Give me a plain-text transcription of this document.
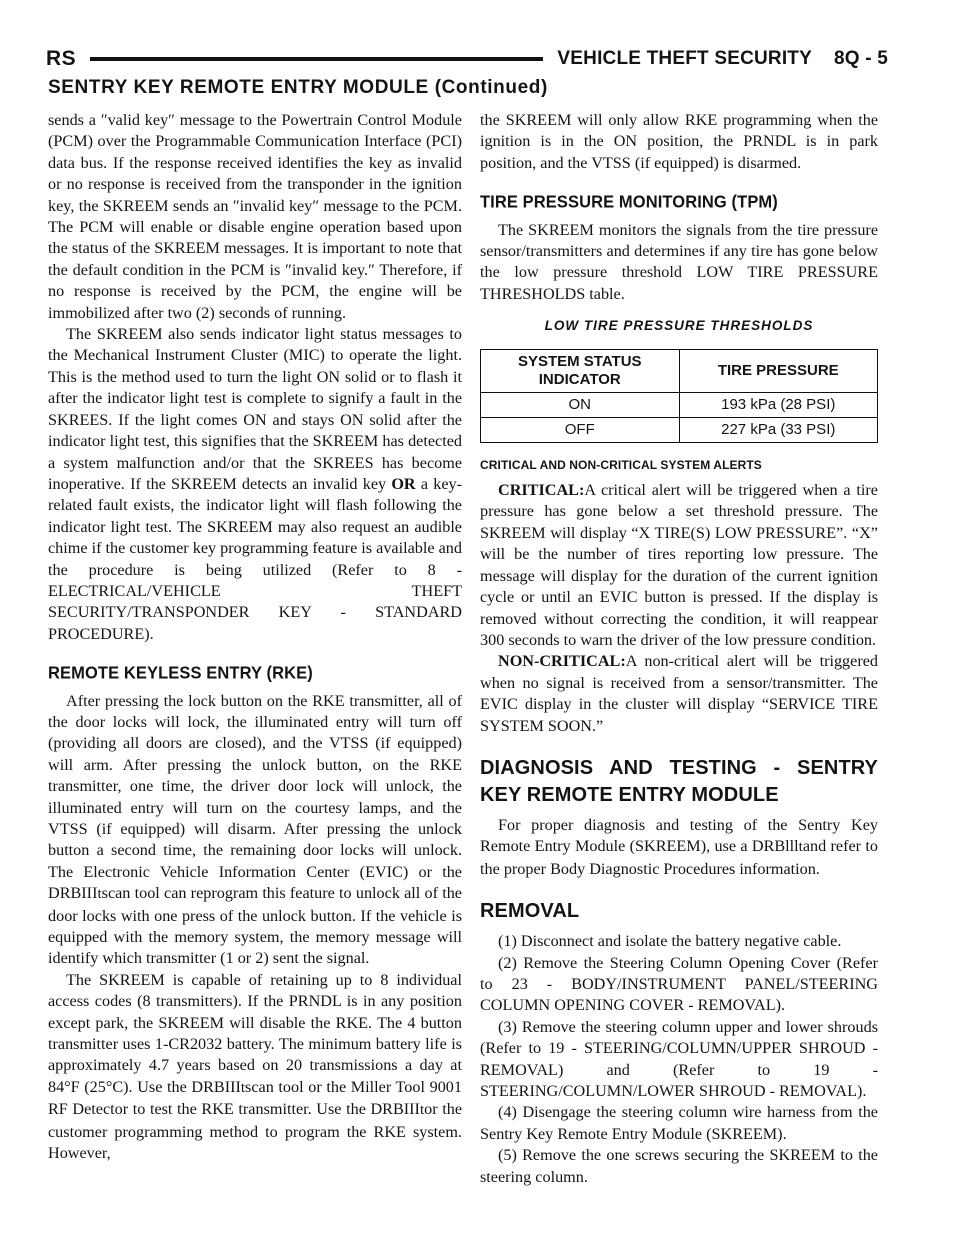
RS	VEHICLE THEFT SECURITY 8Q - 5
SENTRY KEY REMOTE ENTRY MODULE (Continued)

sends a ″valid key″ message to the Powertrain Control Module (PCM) over the Programmable Communication Interface (PCI) data bus. If the response received identifies the key as invalid or no response is received from the transponder in the ignition key, the SKREEM sends an ″invalid key″ message to the PCM. The PCM will enable or disable engine operation based upon the status of the SKREEM messages. It is important to note that the default condition in the PCM is ″invalid key.″ Therefore, if no response is received by the PCM, the engine will be immobilized after two (2) seconds of running.

The SKREEM also sends indicator light status messages to the Mechanical Instrument Cluster (MIC) to operate the light. This is the method used to turn the light ON solid or to flash it after the indicator light test is complete to signify a fault in the SKREES. If the light comes ON and stays ON solid after the indicator light test, this signifies that the SKREEM has detected a system malfunction and/or that the SKREES has become inoperative. If the SKREEM detects an invalid key OR a key-related fault exists, the indicator light will flash following the indicator light test. The SKREEM may also request an audible chime if the customer key programming feature is available and the procedure is being utilized (Refer to 8 - ELECTRICAL/VEHICLE THEFT SECURITY/TRANSPONDER KEY - STANDARD PROCEDURE).

REMOTE KEYLESS ENTRY (RKE)

After pressing the lock button on the RKE transmitter, all of the door locks will lock, the illuminated entry will turn off (providing all doors are closed), and the VTSS (if equipped) will arm. After pressing the unlock button, on the RKE transmitter, one time, the driver door lock will unlock, the illuminated entry will turn on the courtesy lamps, and the VTSS (if equipped) will disarm. After pressing the unlock button a second time, the remaining door locks will unlock. The Electronic Vehicle Information Center (EVIC) or the DRBIIItscan tool can reprogram this feature to unlock all of the door locks with one press of the unlock button. If the vehicle is equipped with the memory system, the memory message will identify which transmitter (1 or 2) sent the signal.

The SKREEM is capable of retaining up to 8 individual access codes (8 transmitters). If the PRNDL is in any position except park, the SKREEM will disable the RKE. The 4 button transmitter uses 1-CR2032 battery. The minimum battery life is approximately 4.7 years based on 20 transmissions a day at 84°F (25°C). Use the DRBIIItscan tool or the Miller Tool 9001 RF Detector to test the RKE transmitter. Use the DRBIIItor the customer programming method to program the RKE system. However,

the SKREEM will only allow RKE programming when the ignition is in the ON position, the PRNDL is in park position, and the VTSS (if equipped) is disarmed.

TIRE PRESSURE MONITORING (TPM)

The SKREEM monitors the signals from the tire pressure sensor/transmitters and determines if any tire has gone below the low pressure threshold LOW TIRE PRESSURE THRESHOLDS table.

LOW TIRE PRESSURE THRESHOLDS
SYSTEM STATUS INDICATOR	TIRE PRESSURE
ON	193 kPa (28 PSI)
OFF	227 kPa (33 PSI)
CRITICAL AND NON-CRITICAL SYSTEM ALERTS

CRITICAL:A critical alert will be triggered when a tire pressure has gone below a set threshold pressure. The SKREEM will display “X TIRE(S) LOW PRESSURE”. “X” will be the number of tires reporting low pressure. The message will display for the duration of the current ignition cycle or until an EVIC button is pressed. If the display is removed without correcting the condition, it will reappear 300 seconds to warn the driver of the low pressure condition.

NON-CRITICAL:A non-critical alert will be triggered when no signal is received from a sensor/transmitter. The EVIC display in the cluster will display “SERVICE TIRE SYSTEM SOON.”

DIAGNOSIS AND TESTING - SENTRY KEY REMOTE ENTRY MODULE

For proper diagnosis and testing of the Sentry Key Remote Entry Module (SKREEM), use a DRBllltand refer to the proper Body Diagnostic Procedures information.

REMOVAL

(1) Disconnect and isolate the battery negative cable.

(2) Remove the Steering Column Opening Cover (Refer to 23 - BODY/INSTRUMENT PANEL/STEERING COLUMN OPENING COVER - REMOVAL).

(3) Remove the steering column upper and lower shrouds (Refer to 19 - STEERING/COLUMN/UPPER SHROUD - REMOVAL) and (Refer to 19 - STEERING/COLUMN/LOWER SHROUD - REMOVAL).

(4) Disengage the steering column wire harness from the Sentry Key Remote Entry Module (SKREEM).

(5) Remove the one screws securing the SKREEM to the steering column.
